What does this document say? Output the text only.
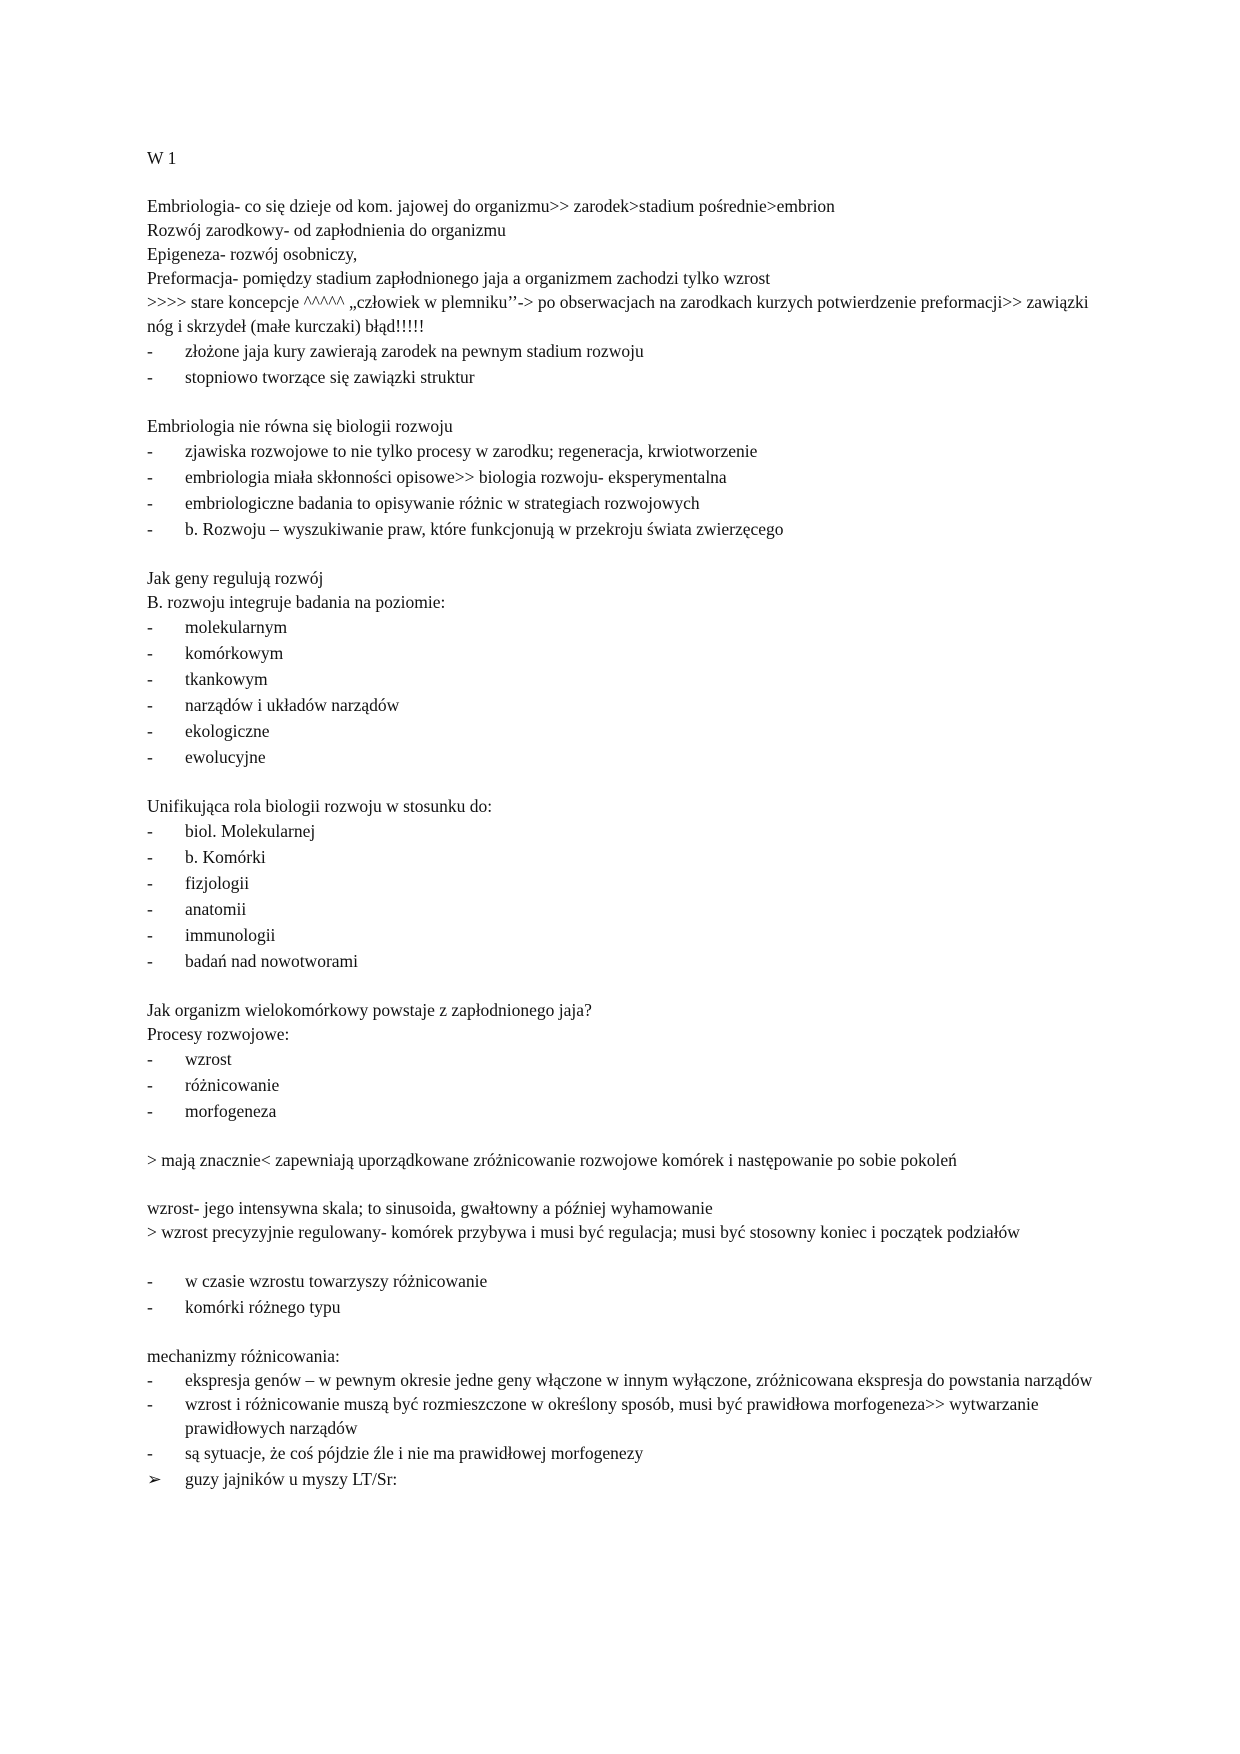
W 1
Embriologia- co się dzieje od kom. jajowej do organizmu>> zarodek>stadium pośrednie>embrion
Rozwój zarodkowy- od zapłodnienia do organizmu
Epigeneza- rozwój osobniczy,
Preformacja- pomiędzy stadium zapłodnionego jaja a organizmem zachodzi tylko wzrost
>>>> stare koncepcje ^^^^^ „człowiek w plemniku’’-> po obserwacjach na zarodkach kurzych potwierdzenie preformacji>> zawiązki nóg i skrzydeł (małe kurczaki) błąd!!!!!
-	złożone jaja kury zawierają zarodek na pewnym stadium rozwoju
-	stopniowo tworzące się zawiązki struktur
Embriologia nie równa się biologii rozwoju
-	zjawiska rozwojowe to nie tylko procesy w zarodku; regeneracja, krwiotworzenie
-	embriologia miała skłonności opisowe>> biologia rozwoju- eksperymentalna
-	embriologiczne badania to opisywanie różnic w strategiach rozwojowych
-	b. Rozwoju – wyszukiwanie praw, które funkcjonują w przekroju świata zwierzęcego
Jak geny regulują rozwój
B. rozwoju integruje badania na poziomie:
-	molekularnym
-	komórkowym
-	tkankowym
-	narządów i układów narządów
-	ekologiczne
-	ewolucyjne
Unifikująca rola biologii rozwoju w stosunku do:
-	biol. Molekularnej
-	b. Komórki
-	fizjologii
-	anatomii
-	immunologii
-	badań nad nowotworami
Jak organizm wielokomórkowy powstaje z zapłodnionego jaja?
Procesy rozwojowe:
-	wzrost
-	różnicowanie
-	morfogeneza
> mają znacznie< zapewniają uporządkowane zróżnicowanie rozwojowe komórek i następowanie po sobie pokoleń
wzrost- jego intensywna skala; to sinusoida, gwałtowny a później wyhamowanie
> wzrost precyzyjnie regulowany- komórek przybywa i musi być regulacja; musi być stosowny koniec i początek podziałów
-	w czasie wzrostu towarzyszy różnicowanie
-	komórki różnego typu
mechanizmy różnicowania:
-	ekspresja genów – w pewnym okresie jedne geny włączone w innym wyłączone, zróżnicowana ekspresja do powstania narządów
-	wzrost i różnicowanie muszą być rozmieszczone w określony sposób, musi być prawidłowa morfogeneza>> wytwarzanie prawidłowych narządów
-	są sytuacje, że coś pójdzie źle i nie ma prawidłowej morfogenezy
➢	guzy jajników u myszy LT/Sr:
